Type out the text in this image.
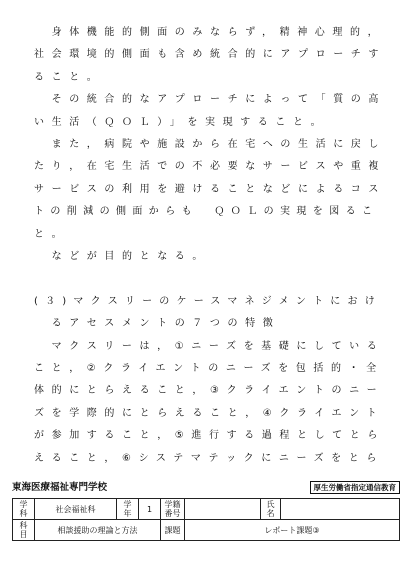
　身体機能的側面のみならず，精神心理的，
社会環境的側面も含め統合的にアプローチす
ること。
　その統合的なアプローチによって「質の高
い生活（ＱＯＬ）」を実現すること。
　また，病院や施設から在宅への生活に戻し
たり，在宅生活での不必要なサービスや重複
サービスの利用を避けることなどによるコス
トの削減の側面からも　ＱＯＬの実現を図るこ
と。
　などが目的となる。
(３)マクスリーのケースマネジメントにおけ
　るアセスメントの７つの特徴
　マクスリーは，①ニーズを基礎にしている
こと，②クライエントのニーズを包括的・全
体的にとらえること，③クライエントのニー
ズを学際的にとらえること，④クライエント
が参加すること，⑤進行する過程としてとら
えること，⑥システマテックにニーズをとら
東海医療福祉専門学校	厚生労働省指定通信教育
学科	社会福祉科	学年	1	学籍番号		氏名	
科目	相談援助の理論と方法			課題	レポート課題③		
